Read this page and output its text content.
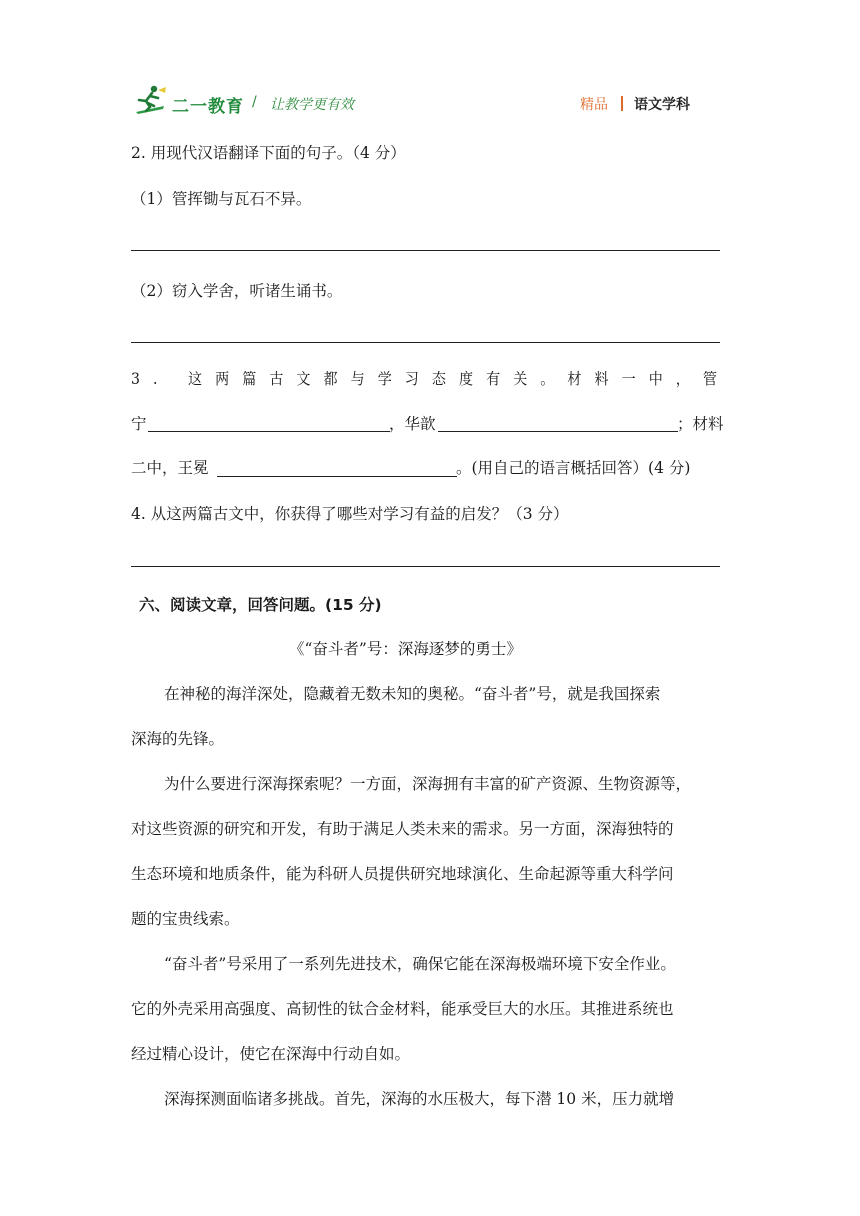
二一教育 / 让教学更有效	精品 语文学科
2. 用现代汉语翻译下面的句子。（4 分）
（1）管挥锄与瓦石不异。
（2）窃入学舍，听诸生诵书。
3. 这两篇古文都与学习态度有关。材料一中，管
宁	，华歆	；材料
二中，王冕	。(用自己的语言概括回答）(4 分)
4. 从这两篇古文中，你获得了哪些对学习有益的启发？（3 分）
六、阅读文章，回答问题。(15 分)
《“奋斗者”号：深海逐梦的勇士》
在神秘的海洋深处，隐藏着无数未知的奥秘。“奋斗者”号，就是我国探索
深海的先锋。
为什么要进行深海探索呢？一方面，深海拥有丰富的矿产资源、生物资源等，
对这些资源的研究和开发，有助于满足人类未来的需求。另一方面，深海独特的
生态环境和地质条件，能为科研人员提供研究地球演化、生命起源等重大科学问
题的宝贵线索。
“奋斗者”号采用了一系列先进技术，确保它能在深海极端环境下安全作业。
它的外壳采用高强度、高韧性的钛合金材料，能承受巨大的水压。其推进系统也
经过精心设计，使它在深海中行动自如。
深海探测面临诸多挑战。首先，深海的水压极大，每下潜 10 米，压力就增
